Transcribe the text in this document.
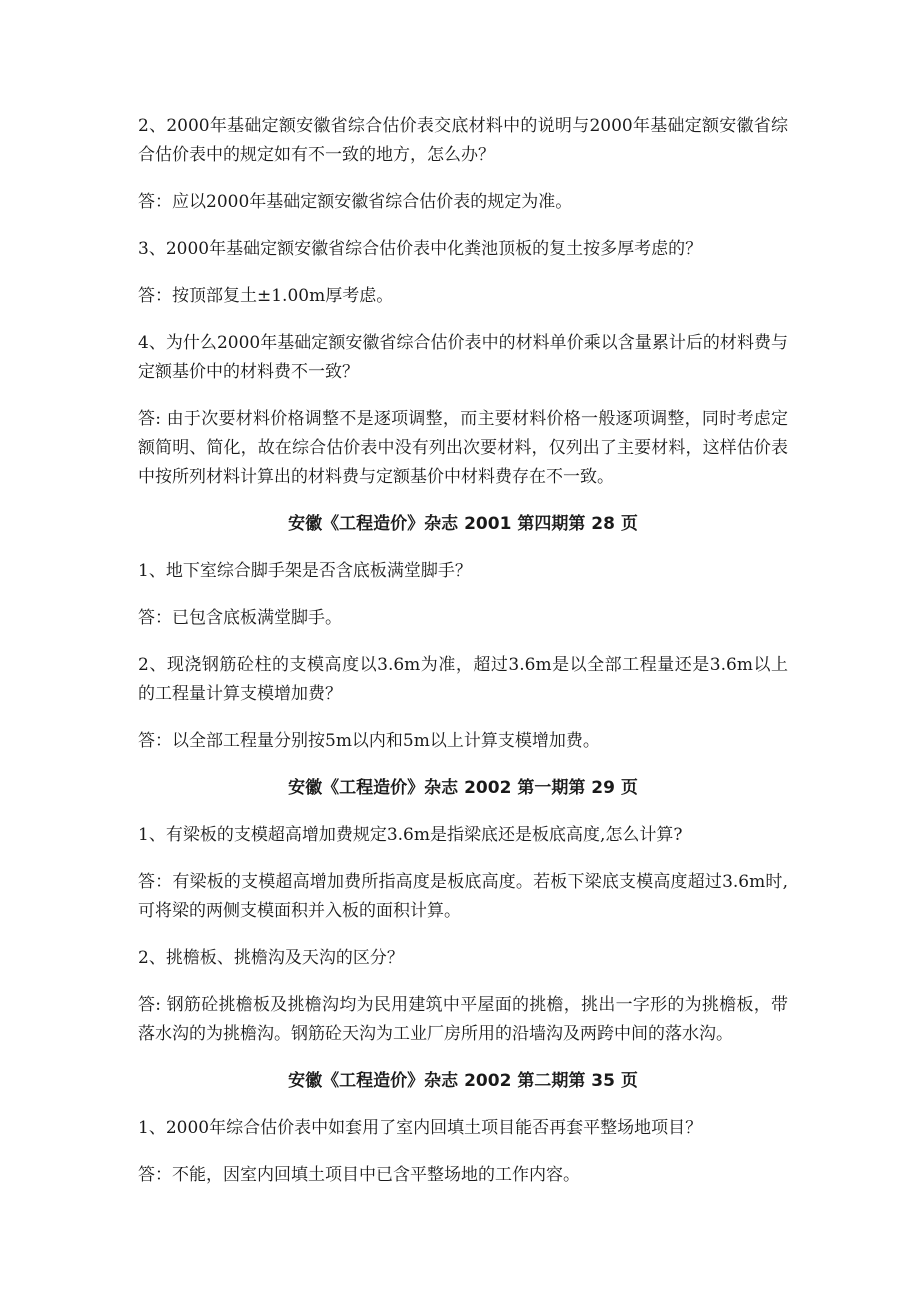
2、2000年基础定额安徽省综合估价表交底材料中的说明与2000年基础定额安徽省综合估价表中的规定如有不一致的地方，怎么办？

答：应以2000年基础定额安徽省综合估价表的规定为准。

3、2000年基础定额安徽省综合估价表中化粪池顶板的复土按多厚考虑的？

答：按顶部复土±1.00m厚考虑。

4、为什么2000年基础定额安徽省综合估价表中的材料单价乘以含量累计后的材料费与定额基价中的材料费不一致？

答: 由于次要材料价格调整不是逐项调整，而主要材料价格一般逐项调整，同时考虑定额简明、简化，故在综合估价表中没有列出次要材料，仅列出了主要材料，这样估价表中按所列材料计算出的材料费与定额基价中材料费存在不一致。

安徽《工程造价》杂志 2001 第四期第 28 页

1、地下室综合脚手架是否含底板满堂脚手？

答：已包含底板满堂脚手。

2、现浇钢筋砼柱的支模高度以3.6m为准，超过3.6m是以全部工程量还是3.6m以上的工程量计算支模增加费？

答：以全部工程量分别按5m以内和5m以上计算支模增加费。

安徽《工程造价》杂志 2002 第一期第 29 页

1、有梁板的支模超高增加费规定3.6m是指梁底还是板底高度,怎么计算?

答：有梁板的支模超高增加费所指高度是板底高度。若板下梁底支模高度超过3.6m时,可将梁的两侧支模面积并入板的面积计算。

2、挑檐板、挑檐沟及天沟的区分？

答: 钢筋砼挑檐板及挑檐沟均为民用建筑中平屋面的挑檐，挑出一字形的为挑檐板，带落水沟的为挑檐沟。钢筋砼天沟为工业厂房所用的沿墙沟及两跨中间的落水沟。

安徽《工程造价》杂志 2002 第二期第 35 页

1、2000年综合估价表中如套用了室内回填土项目能否再套平整场地项目？

答：不能，因室内回填土项目中已含平整场地的工作内容。
